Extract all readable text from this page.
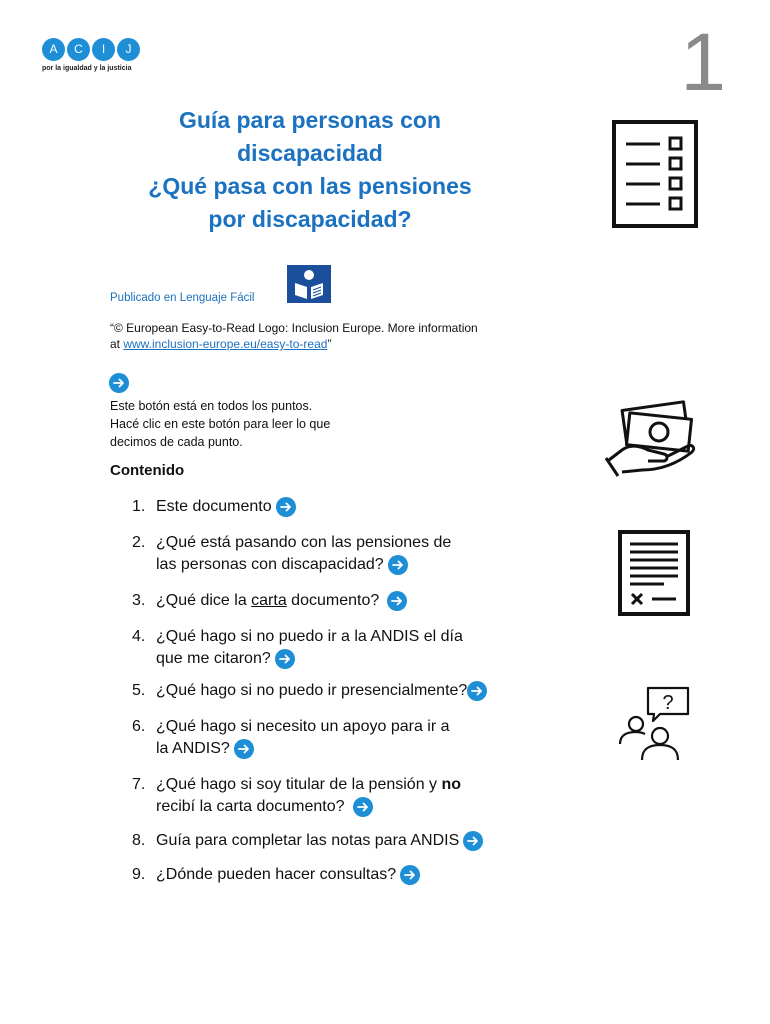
A	C	I	J
por la igualdad y la justicia	1
Guía para personas con
discapacidad
¿Qué pasa con las pensiones
por discapacidad?
Publicado en Lenguaje Fácil
“© European Easy-to-Read Logo: Inclusion Europe. More information
at www.inclusion-europe.eu/easy-to-read”
Este botón está en todos los puntos.
Hacé clic en este botón para leer lo que
decimos de cada punto.
Contenido
1. Este documento
2. ¿Qué está pasando con las pensiones de
las personas con discapacidad?
3. ¿Qué dice la carta documento?
4. ¿Qué hago si no puedo ir a la ANDIS el día
que me citaron?
5. ¿Qué hago si no puedo ir presencialmente?
6. ¿Qué hago si necesito un apoyo para ir a
la ANDIS?
7. ¿Qué hago si soy titular de la pensión y no
recibí la carta documento?
8. Guía para completar las notas para ANDIS
9. ¿Dónde pueden hacer consultas?
?
